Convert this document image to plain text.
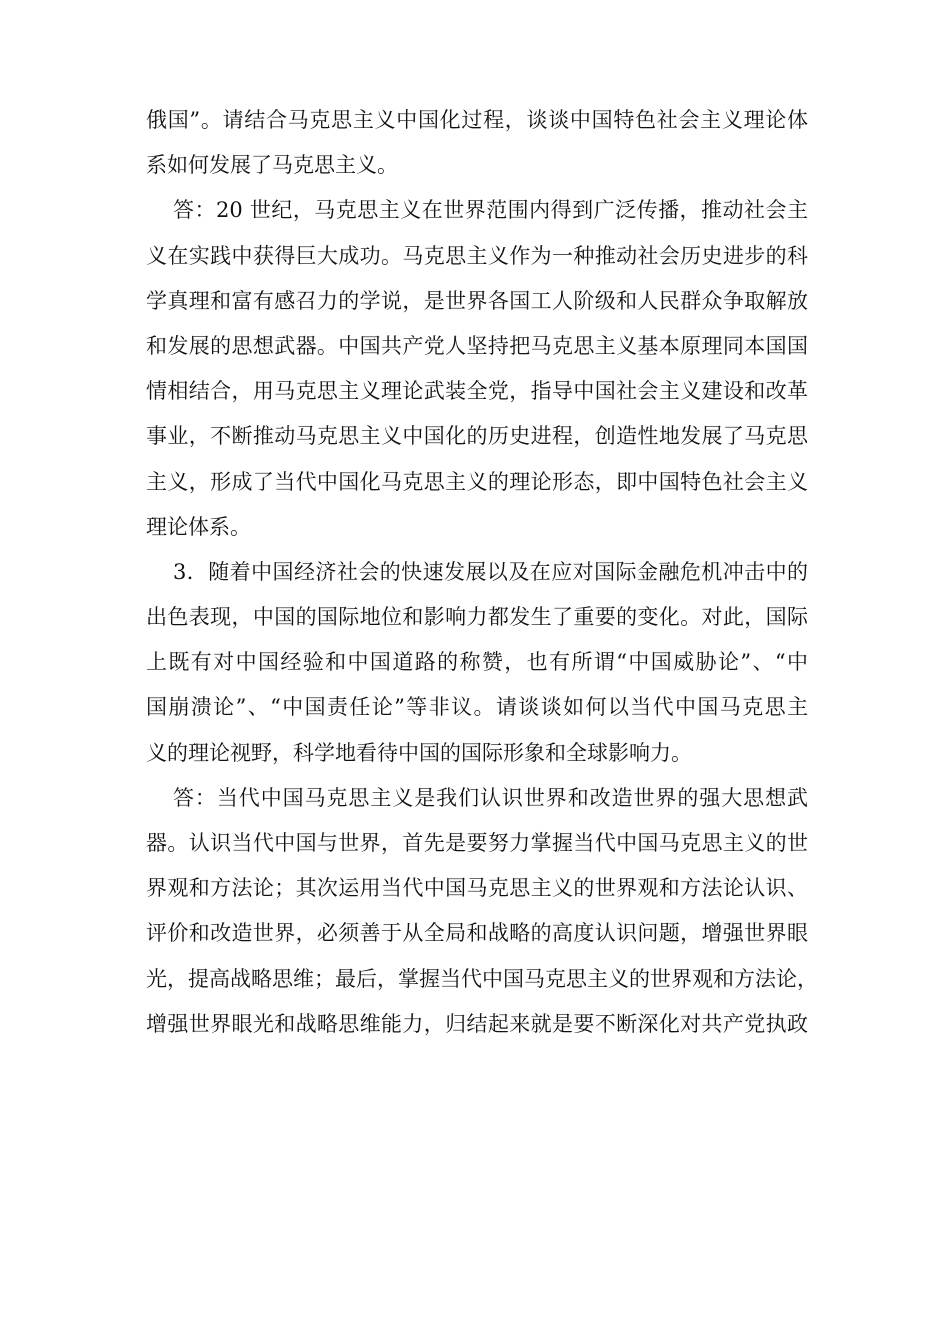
俄国”。请结合马克思主义中国化过程，谈谈中国特色社会主义理论体
系如何发展了马克思主义。
答：20 世纪，马克思主义在世界范围内得到广泛传播，推动社会主
义在实践中获得巨大成功。马克思主义作为一种推动社会历史进步的科
学真理和富有感召力的学说，是世界各国工人阶级和人民群众争取解放
和发展的思想武器。中国共产党人坚持把马克思主义基本原理同本国国
情相结合，用马克思主义理论武装全党，指导中国社会主义建设和改革
事业，不断推动马克思主义中国化的历史进程，创造性地发展了马克思
主义，形成了当代中国化马克思主义的理论形态，即中国特色社会主义
理论体系。
3．随着中国经济社会的快速发展以及在应对国际金融危机冲击中的
出色表现，中国的国际地位和影响力都发生了重要的变化。对此，国际
上既有对中国经验和中国道路的称赞，也有所谓“中国威胁论”、“中
国崩溃论”、“中国责任论”等非议。请谈谈如何以当代中国马克思主
义的理论视野，科学地看待中国的国际形象和全球影响力。
答：当代中国马克思主义是我们认识世界和改造世界的强大思想武
器。认识当代中国与世界，首先是要努力掌握当代中国马克思主义的世
界观和方法论；其次运用当代中国马克思主义的世界观和方法论认识、
评价和改造世界，必须善于从全局和战略的高度认识问题，增强世界眼
光，提高战略思维；最后，掌握当代中国马克思主义的世界观和方法论，
增强世界眼光和战略思维能力，归结起来就是要不断深化对共产党执政
